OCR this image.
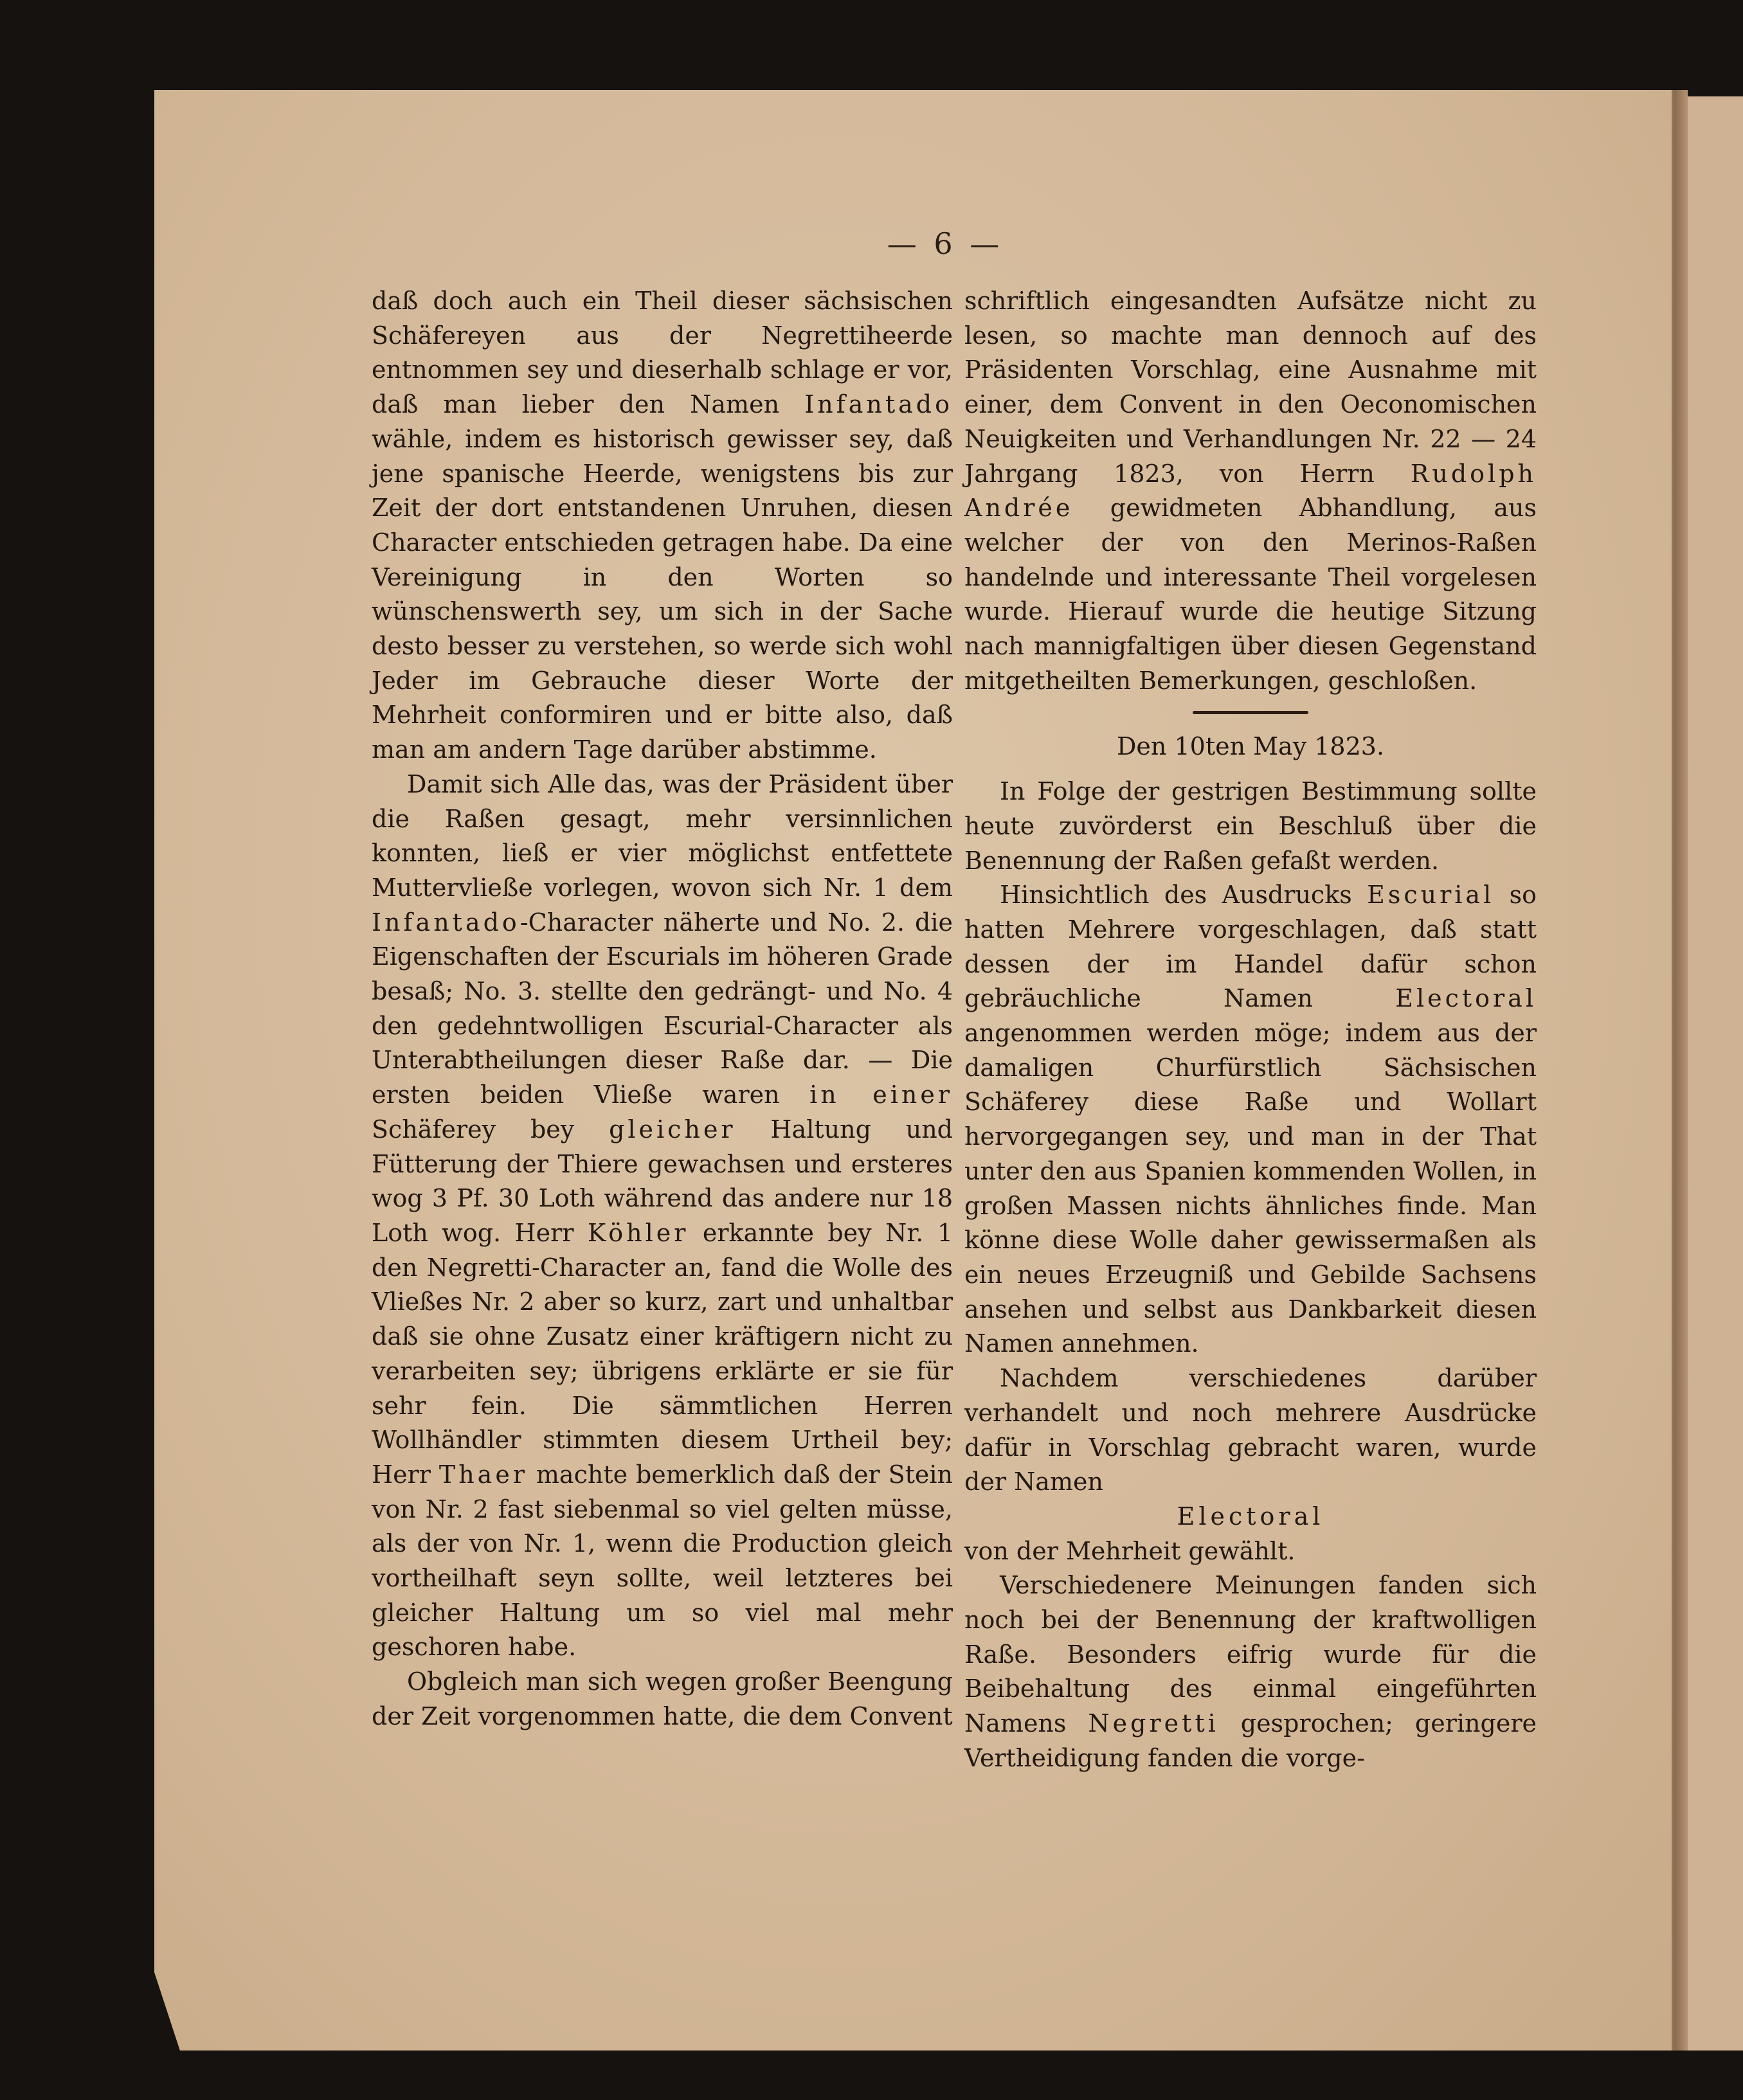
— 6 —

daß doch auch ein Theil dieser sächsischen Schäfereyen aus der Negrettiheerde entnommen sey und dieserhalb schlage er vor, daß man lieber den Namen Infantado wähle, indem es historisch gewisser sey, daß jene spanische Heerde, wenigstens bis zur Zeit der dort entstandenen Unruhen, diesen Character entschieden getragen habe. Da eine Vereinigung in den Worten so wünschenswerth sey, um sich in der Sache desto besser zu verstehen, so werde sich wohl Jeder im Gebrauche dieser Worte der Mehrheit conformiren und er bitte also, daß man am andern Tage darüber abstimme.

Damit sich Alle das, was der Präsident über die Raßen gesagt, mehr versinnlichen konnten, ließ er vier möglichst entfettete Muttervließe vorlegen, wovon sich Nr. 1 dem Infantado-Character näherte und No. 2. die Eigenschaften der Escurials im höheren Grade besaß; No. 3. stellte den gedrängt- und No. 4 den gedehntwolligen Escurial-Character als Unterabtheilungen dieser Raße dar. — Die ersten beiden Vließe waren in einer Schäferey bey gleicher Haltung und Fütterung der Thiere gewachsen und ersteres wog 3 Pf. 30 Loth während das andere nur 18 Loth wog. Herr Köhler erkannte bey Nr. 1 den Negretti-Character an, fand die Wolle des Vließes Nr. 2 aber so kurz, zart und unhaltbar daß sie ohne Zusatz einer kräftigern nicht zu verarbeiten sey; übrigens erklärte er sie für sehr fein. Die sämmtlichen Herren Wollhändler stimmten diesem Urtheil bey; Herr Thaer machte bemerklich daß der Stein von Nr. 2 fast siebenmal so viel gelten müsse, als der von Nr. 1, wenn die Production gleich vortheilhaft seyn sollte, weil letzteres bei gleicher Haltung um so viel mal mehr geschoren habe.

Obgleich man sich wegen großer Beengung der Zeit vorgenommen hatte, die dem Convent

schriftlich eingesandten Aufsätze nicht zu lesen, so machte man dennoch auf des Präsidenten Vorschlag, eine Ausnahme mit einer, dem Convent in den Oeconomischen Neuigkeiten und Verhandlungen Nr. 22 — 24 Jahrgang 1823, von Herrn Rudolph Andrée gewidmeten Abhandlung, aus welcher der von den Merinos-Raßen handelnde und interessante Theil vorgelesen wurde. Hierauf wurde die heutige Sitzung nach mannigfaltigen über diesen Gegenstand mitgetheilten Bemerkungen, geschloßen.

Den 10ten May 1823.

In Folge der gestrigen Bestimmung sollte heute zuvörderst ein Beschluß über die Benennung der Raßen gefaßt werden.

Hinsichtlich des Ausdrucks Escurial so hatten Mehrere vorgeschlagen, daß statt dessen der im Handel dafür schon gebräuchliche Namen Electoral angenommen werden möge; indem aus der damaligen Churfürstlich Sächsischen Schäferey diese Raße und Wollart hervorgegangen sey, und man in der That unter den aus Spanien kommenden Wollen, in großen Massen nichts ähnliches finde. Man könne diese Wolle daher gewissermaßen als ein neues Erzeugniß und Gebilde Sachsens ansehen und selbst aus Dankbarkeit diesen Namen annehmen.

Nachdem verschiedenes darüber verhandelt und noch mehrere Ausdrücke dafür in Vorschlag gebracht waren, wurde der Namen

Electoral

von der Mehrheit gewählt.

Verschiedenere Meinungen fanden sich noch bei der Benennung der kraftwolligen Raße. Besonders eifrig wurde für die Beibehaltung des einmal eingeführten Namens Negretti gesprochen; geringere Vertheidigung fanden die vorge-
